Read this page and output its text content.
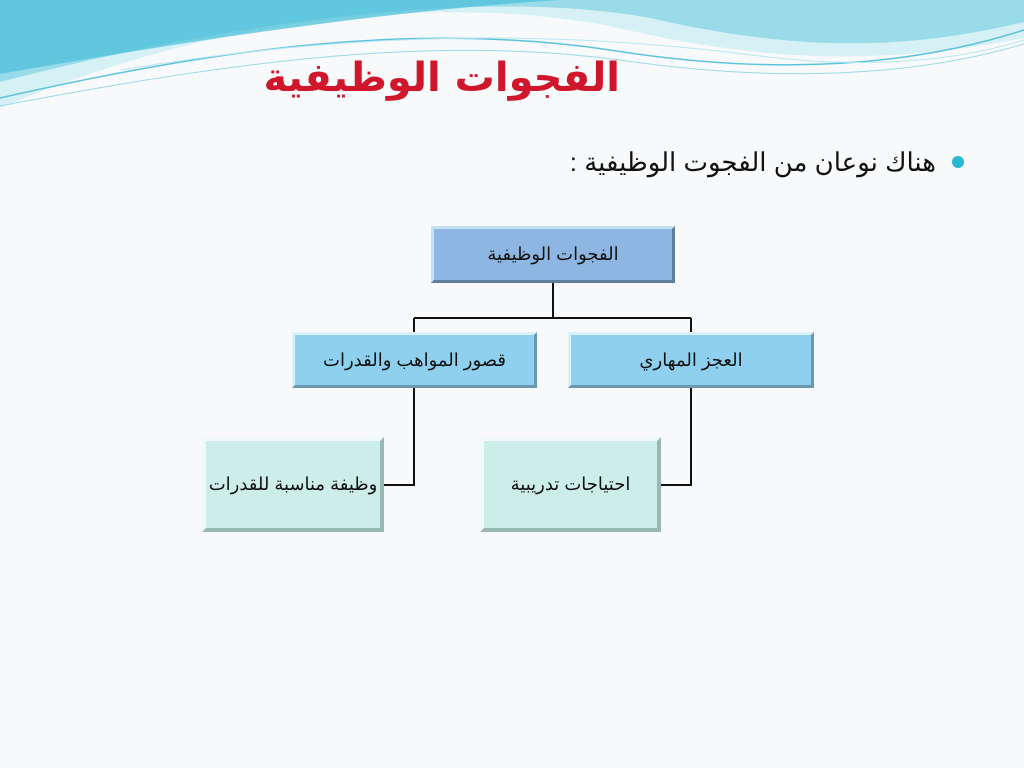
الفجوات الوظيفية
هناك نوعان من الفجوت الوظيفية :
الفجوات الوظيفية
قصور المواهب والقدرات	العجز المهاري
وظيفة مناسبة للقدرات	احتياجات تدريبية
